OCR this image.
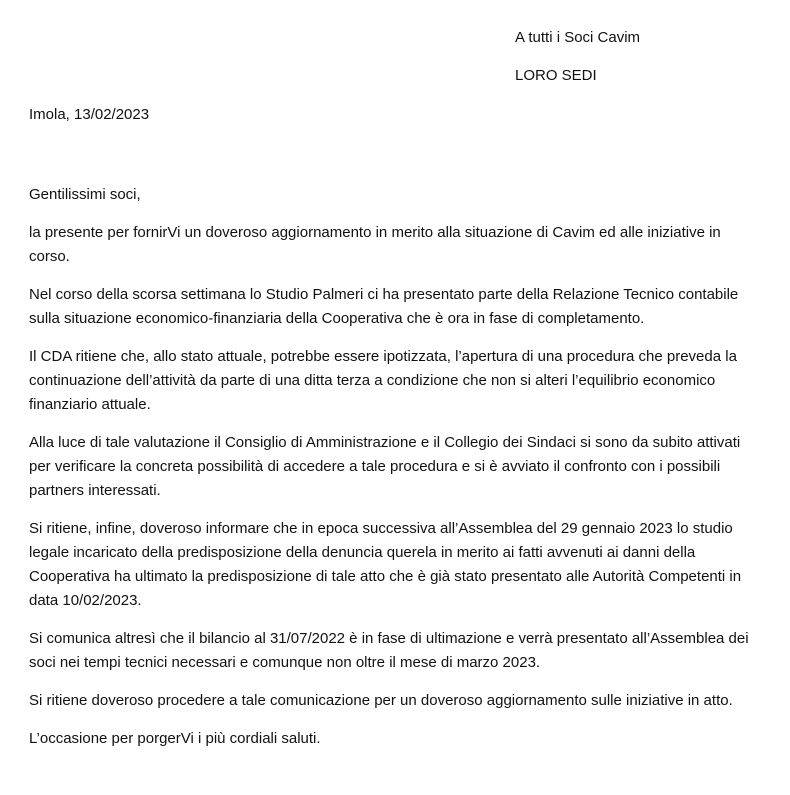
A tutti i Soci Cavim
LORO SEDI
Imola, 13/02/2023

Gentilissimi soci,

la presente per fornirVi un doveroso aggiornamento in merito alla situazione di Cavim ed alle iniziative in corso.

Nel corso della scorsa settimana lo Studio Palmeri ci ha presentato parte della Relazione Tecnico contabile sulla situazione economico-finanziaria della Cooperativa che è ora in fase di completamento.

Il CDA ritiene che, allo stato attuale, potrebbe essere ipotizzata, l’apertura di una procedura che preveda la continuazione dell’attività da parte di una ditta terza a condizione che non si alteri l’equilibrio economico finanziario attuale.

Alla luce di tale valutazione il Consiglio di Amministrazione e il Collegio dei Sindaci si sono da subito attivati per verificare la concreta possibilità di accedere a tale procedura e si è avviato il confronto con i possibili partners interessati.

Si ritiene, infine, doveroso informare che in epoca successiva all’Assemblea del 29 gennaio 2023 lo studio legale incaricato della predisposizione della denuncia querela in merito ai fatti avvenuti ai danni della Cooperativa ha ultimato la predisposizione di tale atto che è già stato presentato alle Autorità Competenti in data 10/02/2023.

Si comunica altresì che il bilancio al 31/07/2022 è in fase di ultimazione e verrà presentato all’Assemblea dei soci nei tempi tecnici necessari e comunque non oltre il mese di marzo 2023.

Si ritiene doveroso procedere a tale comunicazione per un doveroso aggiornamento sulle iniziative in atto.

L’occasione per porgerVi i più cordiali saluti.
